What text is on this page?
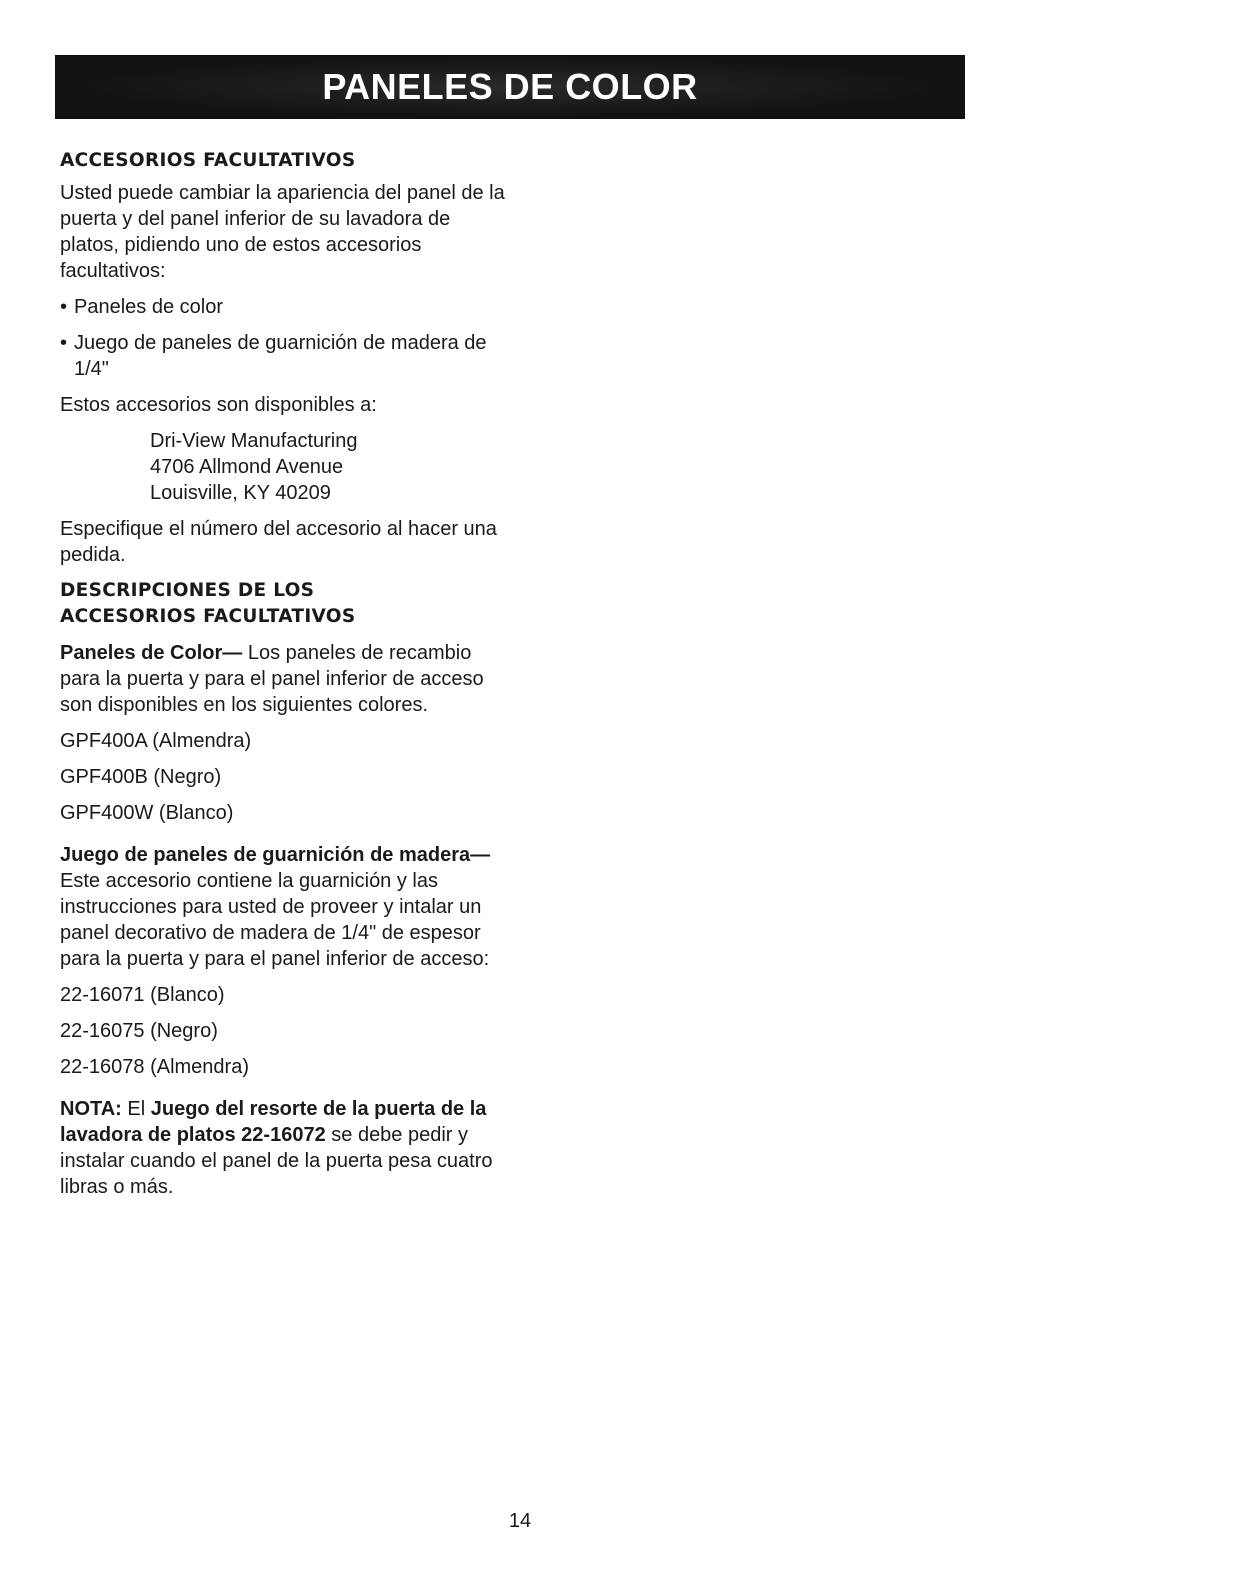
PANELES DE COLOR
ACCESORIOS FACULTATIVOS

Usted puede cambiar la apariencia del panel de la puerta y del panel inferior de su lavadora de platos, pidiendo uno de estos accesorios facultativos:

• Paneles de color
• Juego de paneles de guarnición de madera de 1/4"

Estos accesorios son disponibles a:

Dri-View Manufacturing
4706 Allmond Avenue
Louisville, KY 40209

Especifique el número del accesorio al hacer una pedida.

DESCRIPCIONES DE LOS
ACCESORIOS FACULTATIVOS

Paneles de Color— Los paneles de recambio para la puerta y para el panel inferior de acceso son disponibles en los siguientes colores.

GPF400A (Almendra)
GPF400B (Negro)
GPF400W (Blanco)

Juego de paneles de guarnición de madera— Este accesorio contiene la guarnición y las instrucciones para usted de proveer y intalar un panel decorativo de madera de 1/4" de espesor para la puerta y para el panel inferior de acceso:

22-16071 (Blanco)
22-16075 (Negro)
22-16078 (Almendra)

NOTA: El Juego del resorte de la puerta de la lavadora de platos 22-16072 se debe pedir y instalar cuando el panel de la puerta pesa cuatro libras o más.

14
